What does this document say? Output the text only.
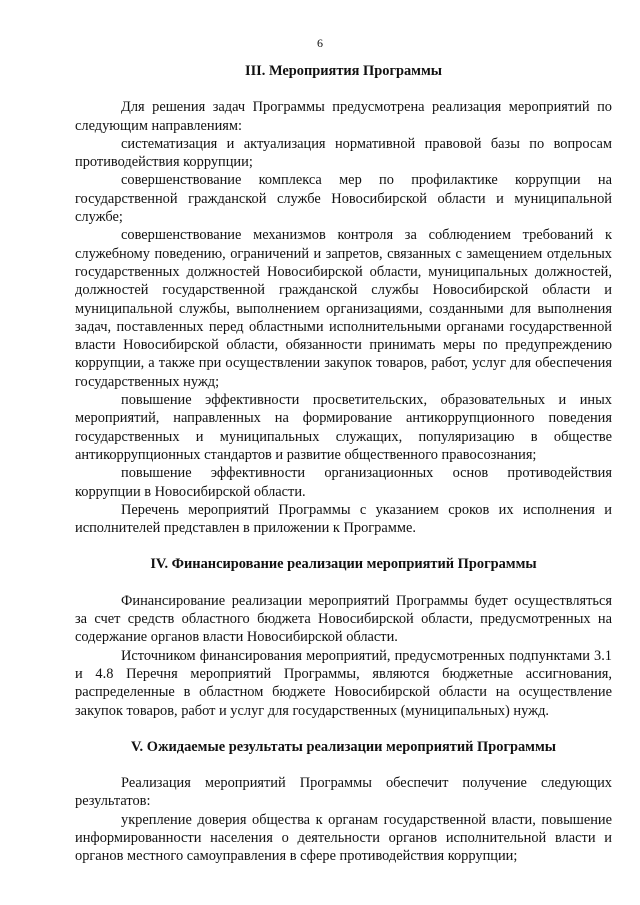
6
III. Мероприятия Программы

Для решения задач Программы предусмотрена реализация мероприятий по следующим направлениям:

систематизация и актуализация нормативной правовой базы по вопросам противодействия коррупции;

совершенствование комплекса мер по профилактике коррупции на государственной гражданской службе Новосибирской области и муниципальной службе;

совершенствование механизмов контроля за соблюдением требований к служебному поведению, ограничений и запретов, связанных с замещением отдельных государственных должностей Новосибирской области, муниципальных должностей, должностей государственной гражданской службы Новосибирской области и муниципальной службы, выполнением организациями, созданными для выполнения задач, поставленных перед областными исполнительными органами государственной власти Новосибирской области, обязанности принимать меры по предупреждению коррупции, а также при осуществлении закупок товаров, работ, услуг для обеспечения государственных нужд;

повышение эффективности просветительских, образовательных и иных мероприятий, направленных на формирование антикоррупционного поведения государственных и муниципальных служащих, популяризацию в обществе антикоррупционных стандартов и развитие общественного правосознания;

повышение эффективности организационных основ противодействия коррупции в Новосибирской области.

Перечень мероприятий Программы с указанием сроков их исполнения и исполнителей представлен в приложении к Программе.

IV. Финансирование реализации мероприятий Программы

Финансирование реализации мероприятий Программы будет осуществляться за счет средств областного бюджета Новосибирской области, предусмотренных на содержание органов власти Новосибирской области.

Источником финансирования мероприятий, предусмотренных подпунктами 3.1 и 4.8 Перечня мероприятий Программы, являются бюджетные ассигнования, распределенные в областном бюджете Новосибирской области на осуществление закупок товаров, работ и услуг для государственных (муниципальных) нужд.

V. Ожидаемые результаты реализации мероприятий Программы

Реализация мероприятий Программы обеспечит получение следующих результатов:

укрепление доверия общества к органам государственной власти, повышение информированности населения о деятельности органов исполнительной власти и органов местного самоуправления в сфере противодействия коррупции;
